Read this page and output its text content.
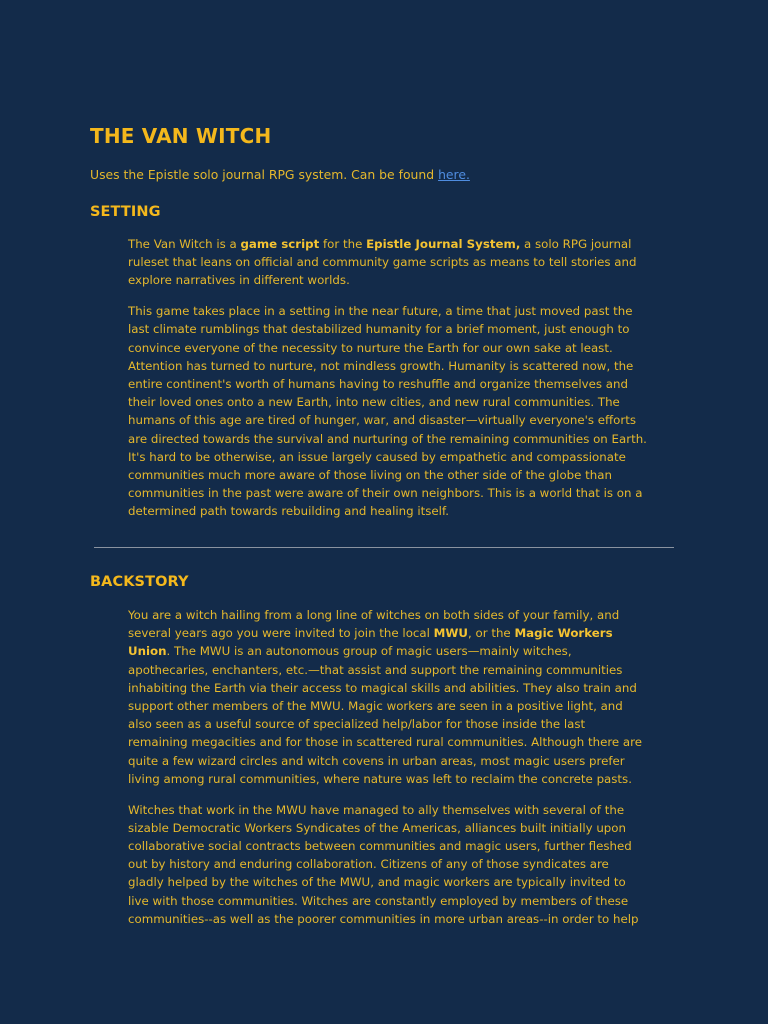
THE VAN WITCH

Uses the Epistle solo journal RPG system. Can be found here.

SETTING

The Van Witch is a game script for the Epistle Journal System, a solo RPG journal ruleset that leans on official and community game scripts as means to tell stories and explore narratives in different worlds.

This game takes place in a setting in the near future, a time that just moved past the last climate rumblings that destabilized humanity for a brief moment, just enough to convince everyone of the necessity to nurture the Earth for our own sake at least. Attention has turned to nurture, not mindless growth. Humanity is scattered now, the entire continent's worth of humans having to reshuffle and organize themselves and their loved ones onto a new Earth, into new cities, and new rural communities. The humans of this age are tired of hunger, war, and disaster—virtually everyone's efforts are directed towards the survival and nurturing of the remaining communities on Earth. It's hard to be otherwise, an issue largely caused by empathetic and compassionate communities much more aware of those living on the other side of the globe than communities in the past were aware of their own neighbors. This is a world that is on a determined path towards rebuilding and healing itself.

BACKSTORY

You are a witch hailing from a long line of witches on both sides of your family, and several years ago you were invited to join the local MWU, or the Magic Workers Union. The MWU is an autonomous group of magic users—mainly witches, apothecaries, enchanters, etc.—that assist and support the remaining communities inhabiting the Earth via their access to magical skills and abilities. They also train and support other members of the MWU. Magic workers are seen in a positive light, and also seen as a useful source of specialized help/labor for those inside the last remaining megacities and for those in scattered rural communities. Although there are quite a few wizard circles and witch covens in urban areas, most magic users prefer living among rural communities, where nature was left to reclaim the concrete pasts.

Witches that work in the MWU have managed to ally themselves with several of the sizable Democratic Workers Syndicates of the Americas, alliances built initially upon collaborative social contracts between communities and magic users, further fleshed out by history and enduring collaboration. Citizens of any of those syndicates are gladly helped by the witches of the MWU, and magic workers are typically invited to live with those communities. Witches are constantly employed by members of these communities--as well as the poorer communities in more urban areas--in order to help
